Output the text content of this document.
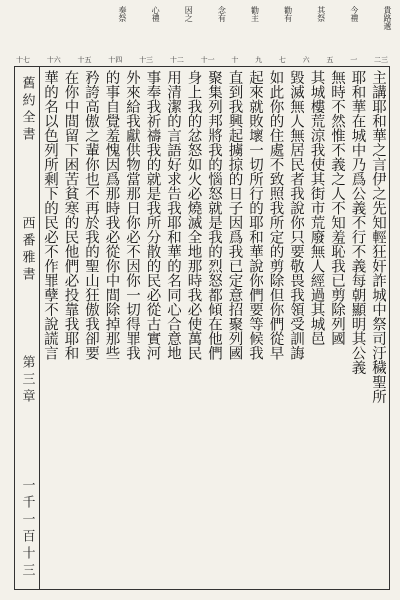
貴路遞
今禮
其祭
勸有
勸主
念有
因之
心禮
奏祭
二三
一
五
六
七
九
十
十一
十二
十三
十四
十五
十六
十七
舊約全書
西番雅書
第三章
一千一百十三
主講耶和華之言伊之先知輕狂奸詐城中祭司汙穢聖所
耶和華在城中乃爲公義不行不義每朝顯明其公義
無時不然惟不義之人不知羞恥我已剪除列國
其城樓荒涼我使其街市荒廢無人經過其城邑
毀滅無人無居民者我說你只要敬畏我領受訓誨
如此你的住處不致照我所定的剪除但你們從早
起來就敗壞一切所行的耶和華說你們要等候我
直到我興起擄掠的日子因爲我已定意招聚列國
聚集列邦將我的惱怒就是我的烈怒都傾在他們
身上我的忿怒如火必燒滅全地那時我必使萬民
用清潔的言語好求告我耶和華的名同心合意地
事奉我祈禱我的就是我所分散的民必從古實河
外來給我獻供物當那日你必不因你一切得罪我
的事自覺羞愧因爲那時我必從你中間除掉那些
矜誇高傲之輩你也不再於我的聖山狂傲我卻要
在你中間留下困苦貧寒的民他們必投靠我耶和
華的名以色列所剩下的民必不作罪孽不說謊言
